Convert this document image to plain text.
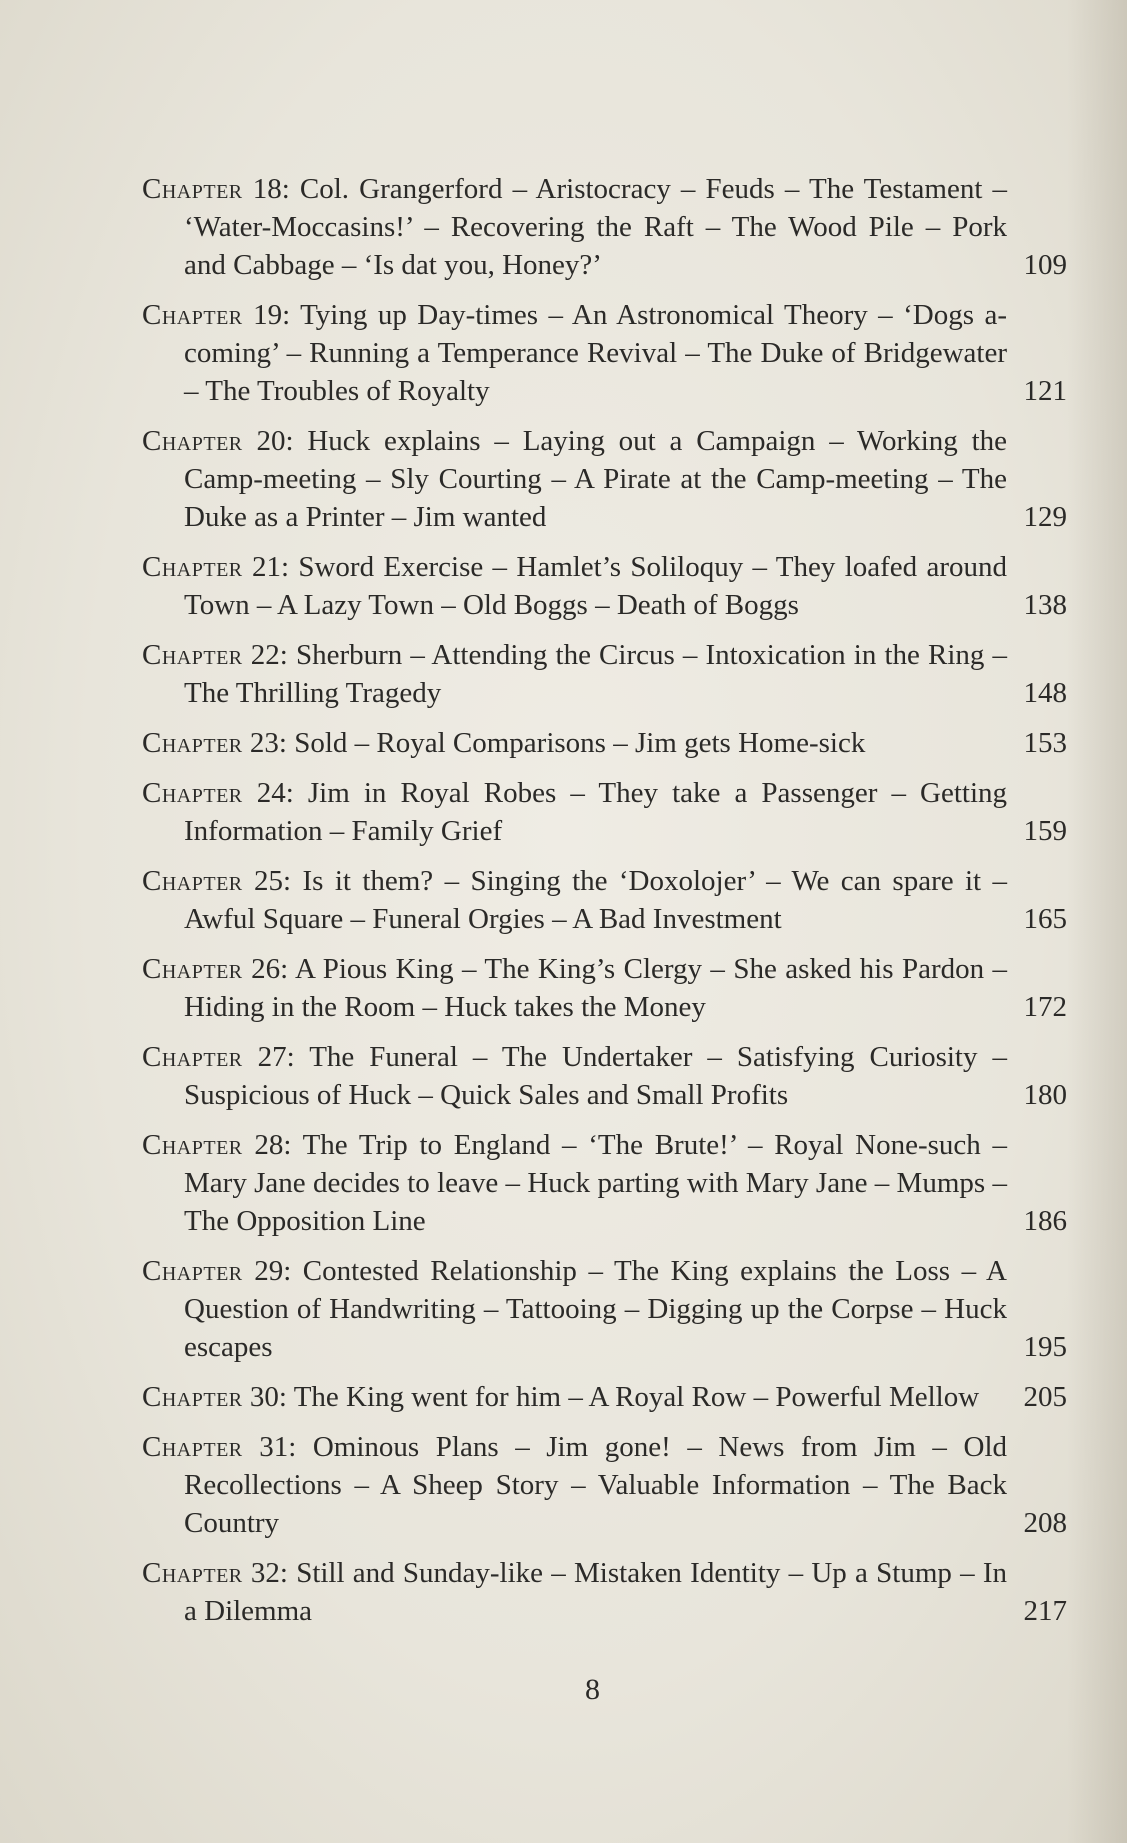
Chapter 18: Col. Grangerford – Aristocracy – Feuds – The Testament – ‘Water-Moccasins!’ – Recovering the Raft – The Wood Pile – Pork and Cabbage – ‘Is dat you, Honey?’	109
Chapter 19: Tying up Day-times – An Astronomical Theory – ‘Dogs a-coming’ – Running a Temperance Revival – The Duke of Bridgewater – The Troubles of Royalty	121
Chapter 20: Huck explains – Laying out a Campaign – Working the Camp-meeting – Sly Courting – A Pirate at the Camp-meeting – The Duke as a Printer – Jim wanted	129
Chapter 21: Sword Exercise – Hamlet’s Soliloquy – They loafed around Town – A Lazy Town – Old Boggs – Death of Boggs	138
Chapter 22: Sherburn – Attending the Circus – Intoxication in the Ring – The Thrilling Tragedy	148
Chapter 23: Sold – Royal Comparisons – Jim gets Home-sick	153
Chapter 24: Jim in Royal Robes – They take a Passenger – Getting Information – Family Grief	159
Chapter 25: Is it them? – Singing the ‘Doxolojer’ – We can spare it – Awful Square – Funeral Orgies – A Bad Investment	165
Chapter 26: A Pious King – The King’s Clergy – She asked his Pardon – Hiding in the Room – Huck takes the Money	172
Chapter 27: The Funeral – The Undertaker – Satisfying Curiosity – Suspicious of Huck – Quick Sales and Small Profits	180
Chapter 28: The Trip to England – ‘The Brute!’ – Royal None-such – Mary Jane decides to leave – Huck parting with Mary Jane – Mumps – The Opposition Line	186
Chapter 29: Contested Relationship – The King explains the Loss – A Question of Handwriting – Tattooing – Digging up the Corpse – Huck escapes	195
Chapter 30: The King went for him – A Royal Row – Powerful Mellow 205
Chapter 31: Ominous Plans – Jim gone! – News from Jim – Old Recollections – A Sheep Story – Valuable Information – The Back Country	208
Chapter 32: Still and Sunday-like – Mistaken Identity – Up a Stump – In a Dilemma	217
8
